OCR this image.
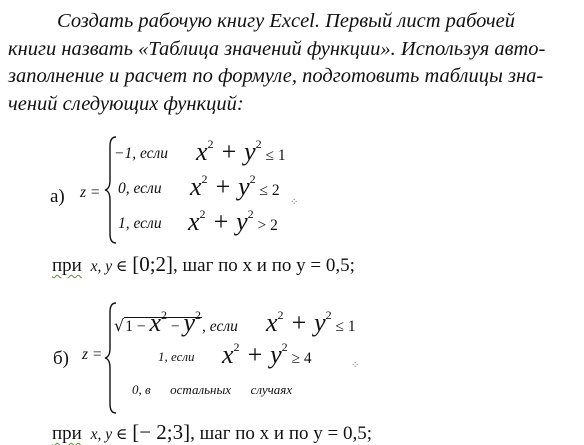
Создать рабочую книгу Excel. Первый лист рабочей
книги назвать «Таблица значений функции». Используя авто-
заполнение и расчет по формуле, подготовить таблицы зна-
чений следующих функций:
а) z =
−1, если $x^2 + y^2 \le 1$
0, если $x^2 + y^2 \le 2$
⁘
1, если $x^2 + y^2 > 2$
при x, y ∈ [0;2], шаг по x и по y = 0,5;
б) z =
$√1 - x^2 - y^2$, если $x^2 + y^2 \le 1$
1, если $x^2 + y^2 \ge 4$	⁘
0, в      остальных      случаях
при x, y ∈ [− 2;3], шаг по x и по y = 0,5;
